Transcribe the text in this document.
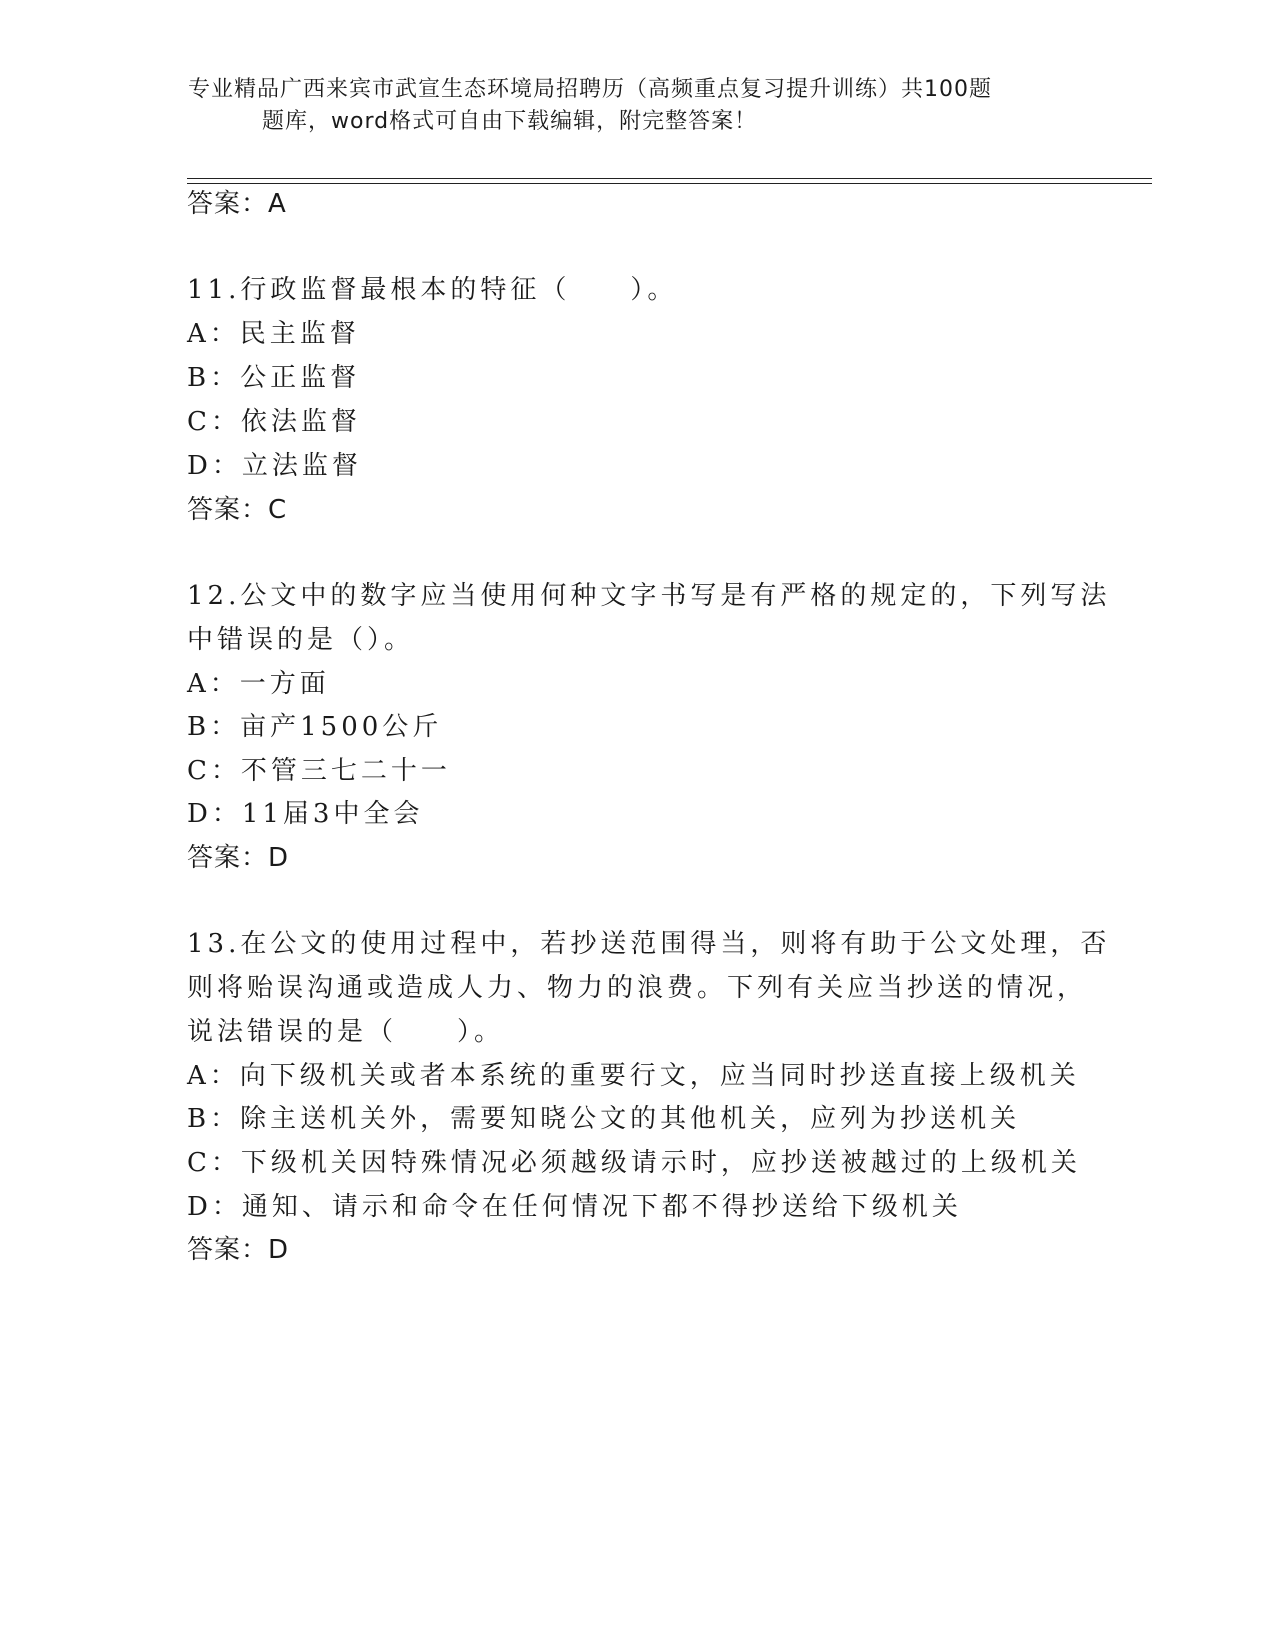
专业精品广西来宾市武宣生态环境局招聘历（高频重点复习提升训练）共100题
题库，word格式可自由下载编辑，附完整答案！
答案：A
11.行政监督最根本的特征（　　）。
A：民主监督
B：公正监督
C：依法监督
D：立法监督
答案：C
12.公文中的数字应当使用何种文字书写是有严格的规定的，下列写法
中错误的是（）。
A：一方面
B：亩产1500公斤
C：不管三七二十一
D：11届3中全会
答案：D
13.在公文的使用过程中，若抄送范围得当，则将有助于公文处理，否
则将贻误沟通或造成人力、物力的浪费。下列有关应当抄送的情况，
说法错误的是（　　）。
A：向下级机关或者本系统的重要行文，应当同时抄送直接上级机关
B：除主送机关外，需要知晓公文的其他机关，应列为抄送机关
C：下级机关因特殊情况必须越级请示时，应抄送被越过的上级机关
D：通知、请示和命令在任何情况下都不得抄送给下级机关
答案：D
